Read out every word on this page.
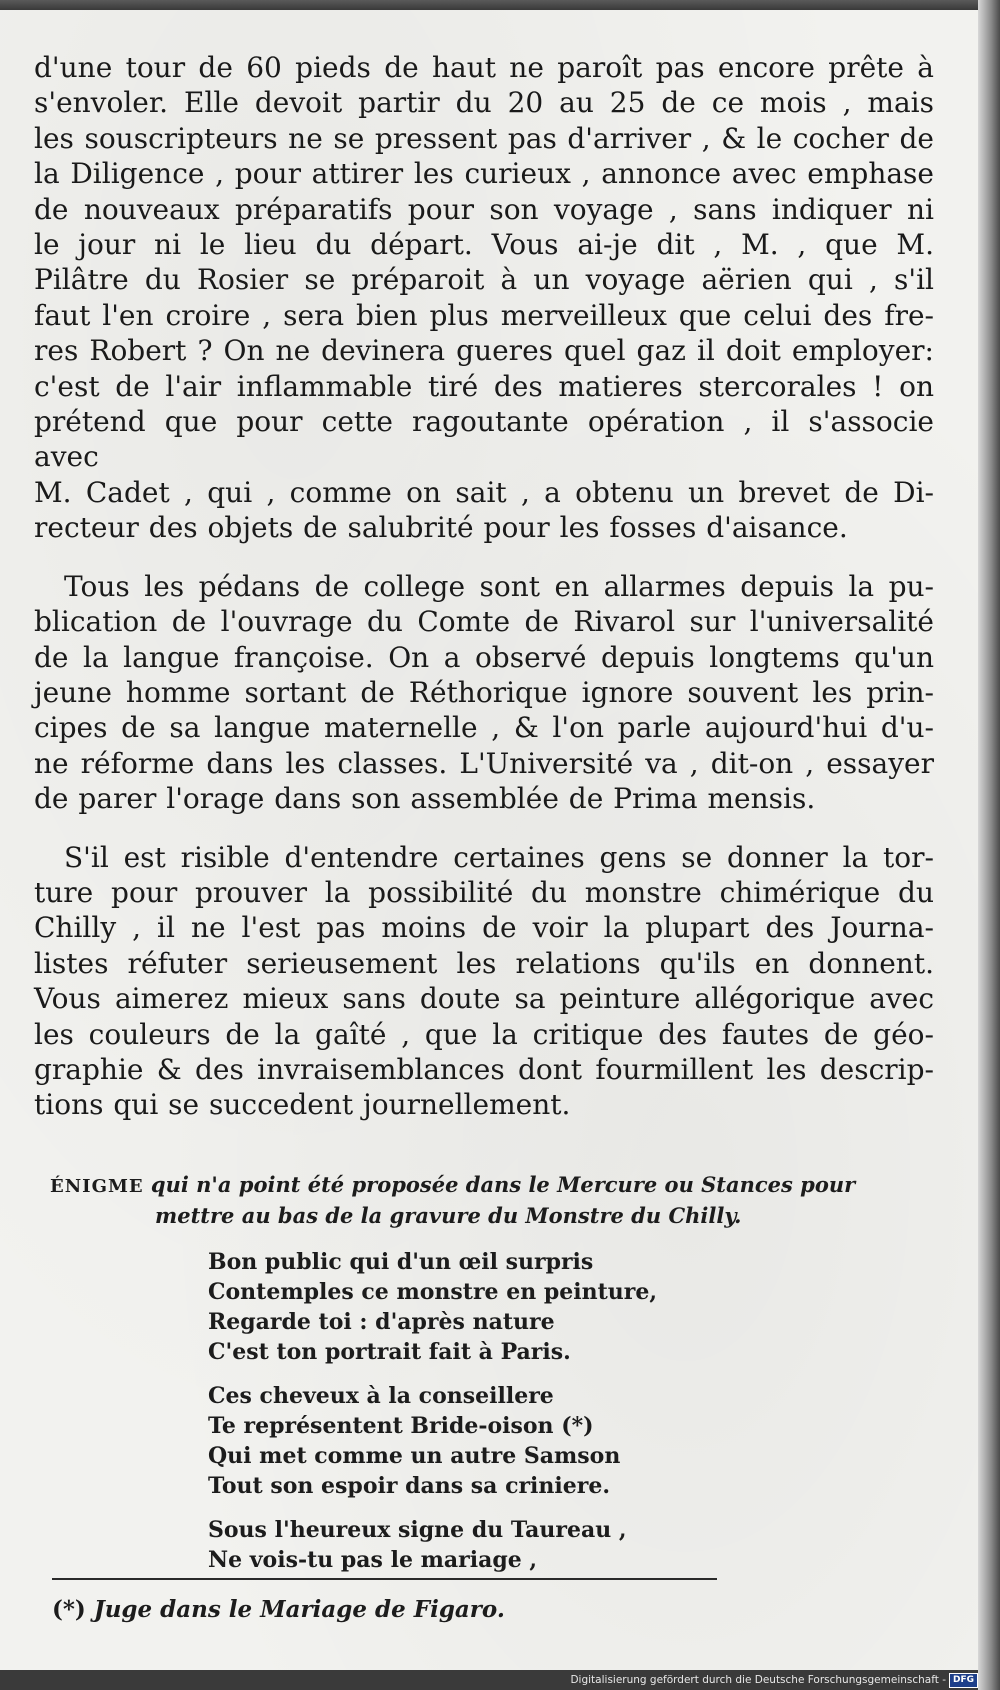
d'une tour de 60 pieds de haut ne paroît pas encore prête à
s'envoler. Elle devoit partir du 20 au 25 de ce mois , mais
les souscripteurs ne se pressent pas d'arriver , & le cocher de
la Diligence , pour attirer les curieux , annonce avec emphase
de nouveaux préparatifs pour son voyage , sans indiquer ni
le jour ni le lieu du départ. Vous ai-je dit , M. , que M.
Pilâtre du Rosier se préparoit à un voyage aërien qui , s'il
faut l'en croire , sera bien plus merveilleux que celui des fre-
res Robert ? On ne devinera gueres quel gaz il doit employer:
c'est de l'air inflammable tiré des matieres stercorales ! on
prétend que pour cette ragoutante opération , il s'associe avec
M. Cadet , qui , comme on sait , a obtenu un brevet de Di-
recteur des objets de salubrité pour les fosses d'aisance.

Tous les pédans de college sont en allarmes depuis la pu-
blication de l'ouvrage du Comte de Rivarol sur l'universalité
de la langue françoise. On a observé depuis longtems qu'un
jeune homme sortant de Réthorique ignore souvent les prin-
cipes de sa langue maternelle , & l'on parle aujourd'hui d'u-
ne réforme dans les classes. L'Université va , dit-on , essayer
de parer l'orage dans son assemblée de Prima mensis.

S'il est risible d'entendre certaines gens se donner la tor-
ture pour prouver la possibilité du monstre chimérique du
Chilly , il ne l'est pas moins de voir la plupart des Journa-
listes réfuter serieusement les relations qu'ils en donnent.
Vous aimerez mieux sans doute sa peinture allégorique avec
les couleurs de la gaîté , que la critique des fautes de géo-
graphie & des invraisemblances dont fourmillent les descrip-
tions qui se succedent journellement.

ÉNIGME qui n'a point été proposée dans le Mercure ou Stances pour
mettre au bas de la gravure du Monstre du Chilly.
Bon public qui d'un œil surpris
Contemples ce monstre en peinture,
Regarde toi : d'après nature
C'est ton portrait fait à Paris.
Ces cheveux à la conseillere
Te représentent Bride-oison (*)
Qui met comme un autre Samson
Tout son espoir dans sa criniere.
Sous l'heureux signe du Taureau ,
Ne vois-tu pas le mariage ,
(*) Juge dans le Mariage de Figaro.
Digitalisierung gefördert durch die Deutsche Forschungsgemeinschaft - DFG
